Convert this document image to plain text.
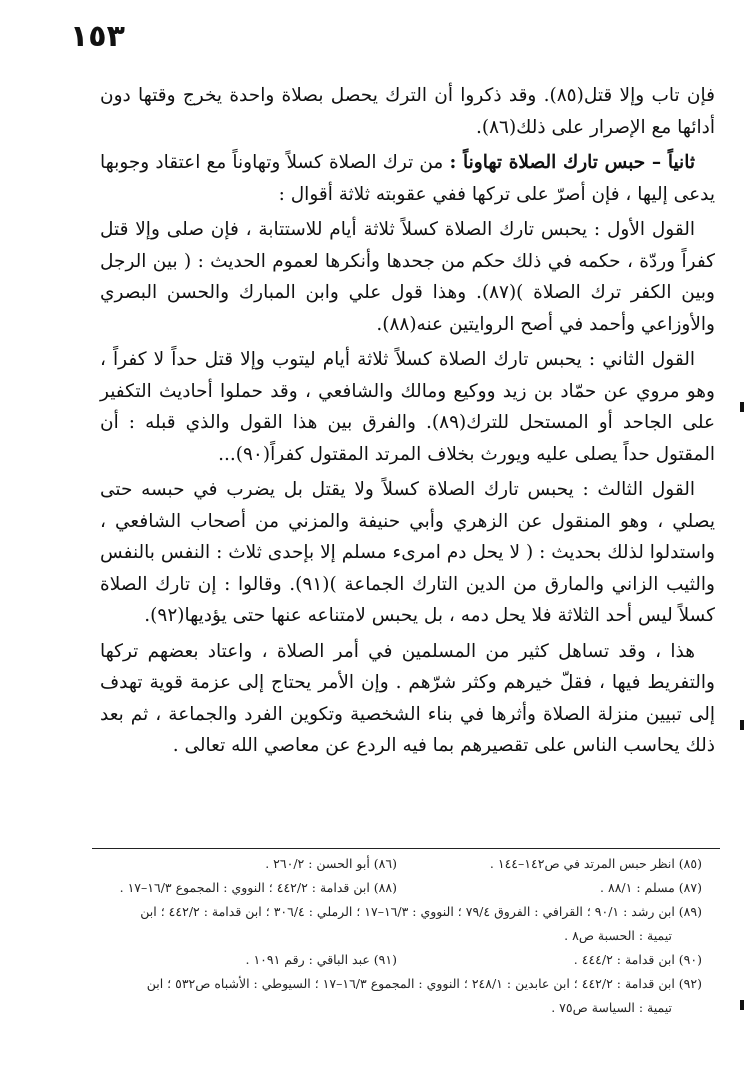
١٥٣

فإن تاب وإلا قتل(٨٥). وقد ذكروا أن الترك يحصل بصلاة واحدة يخرج وقتها دون أدائها مع الإصرار على ذلك(٨٦).

ثانياً – حبس تارك الصلاة تهاوناً : من ترك الصلاة كسلاً وتهاوناً مع اعتقاد وجوبها يدعى إليها ، فإن أصرّ على تركها ففي عقوبته ثلاثة أقوال :

القول الأول : يحبس تارك الصلاة كسلاً ثلاثة أيام للاستتابة ، فإن صلى وإلا قتل كفراً وردّة ، حكمه في ذلك حكم من جحدها وأنكرها لعموم الحديث : ( بين الرجل وبين الكفر ترك الصلاة )(٨٧). وهذا قول علي وابن المبارك والحسن البصري والأوزاعي وأحمد في أصح الروايتين عنه(٨٨).

القول الثاني : يحبس تارك الصلاة كسلاً ثلاثة أيام ليتوب وإلا قتل حداً لا كفراً ، وهو مروي عن حمّاد بن زيد ووكيع ومالك والشافعي ، وقد حملوا أحاديث التكفير على الجاحد أو المستحل للترك(٨٩). والفرق بين هذا القول والذي قبله : أن المقتول حداً يصلى عليه ويورث بخلاف المرتد المقتول كفراً(٩٠)...

القول الثالث : يحبس تارك الصلاة كسلاً ولا يقتل بل يضرب في حبسه حتى يصلي ، وهو المنقول عن الزهري وأبي حنيفة والمزني من أصحاب الشافعي ، واستدلوا لذلك بحديث : ( لا يحل دم امرىء مسلم إلا بإحدى ثلاث : النفس بالنفس والثيب الزاني والمارق من الدين التارك الجماعة )(٩١). وقالوا : إن تارك الصلاة كسلاً ليس أحد الثلاثة فلا يحل دمه ، بل يحبس لامتناعه عنها حتى يؤديها(٩٢).

هذا ، وقد تساهل كثير من المسلمين في أمر الصلاة ، واعتاد بعضهم تركها والتفريط فيها ، فقلّ خيرهم وكثر شرّهم . وإن الأمر يحتاج إلى عزمة قوية تهدف إلى تبيين منزلة الصلاة وأثرها في بناء الشخصية وتكوين الفرد والجماعة ، ثم بعد ذلك يحاسب الناس على تقصيرهم بما فيه الردع عن معاصي الله تعالى .

(٨٥) انظر حبس المرتد في ص١٤٢–١٤٤ .
(٨٦) أبو الحسن : ٢٦٠/٢ .
(٨٧) مسلم : ٨٨/١ .
(٨٨) ابن قدامة : ٤٤٢/٢ ؛ النووي : المجموع ١٦/٣–١٧ .
(٨٩) ابن رشد : ٩٠/١ ؛ القرافي : الفروق ٧٩/٤ ؛ النووي : ١٦/٣–١٧ ؛ الرملي : ٣٠٦/٤ ؛ ابن قدامة : ٤٤٢/٢ ؛ ابن
تيمية : الحسبة ص٨ .
(٩٠) ابن قدامة : ٤٤٤/٢ .
(٩١) عبد الباقي : رقم ١٠٩١ .
(٩٢) ابن قدامة : ٤٤٢/٢ ؛ ابن عابدين : ٢٤٨/١ ؛ النووي : المجموع ١٦/٣–١٧ ؛ السيوطي : الأشباه ص٥٣٢ ؛ ابن
تيمية : السياسة ص٧٥ .
